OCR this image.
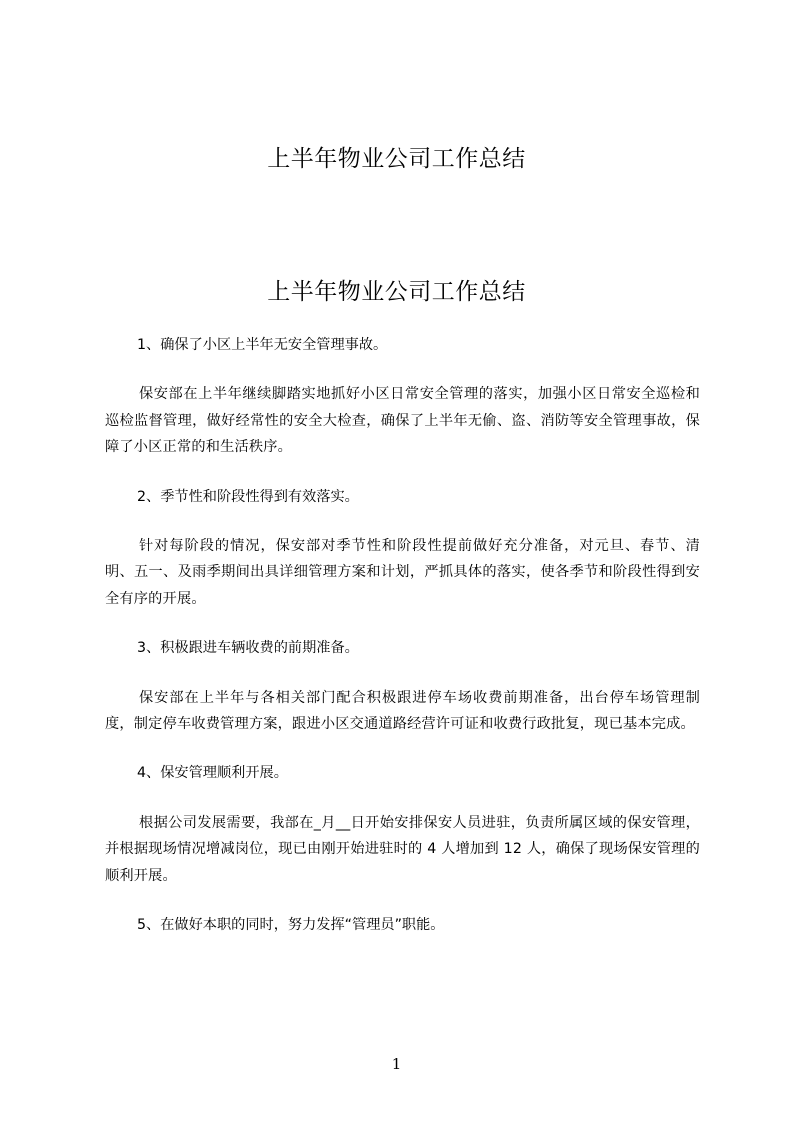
上半年物业公司工作总结
上半年物业公司工作总结

1、确保了小区上半年无安全管理事故。

保安部在上半年继续脚踏实地抓好小区日常安全管理的落实，加强小区日常安全巡检和巡检监督管理，做好经常性的安全大检查，确保了上半年无偷、盗、消防等安全管理事故，保障了小区正常的和生活秩序。

2、季节性和阶段性得到有效落实。

针对每阶段的情况，保安部对季节性和阶段性提前做好充分准备，对元旦、春节、清明、五一、及雨季期间出具详细管理方案和计划，严抓具体的落实，使各季节和阶段性得到安全有序的开展。

3、积极跟进车辆收费的前期准备。

保安部在上半年与各相关部门配合积极跟进停车场收费前期准备，出台停车场管理制度，制定停车收费管理方案，跟进小区交通道路经营许可证和收费行政批复，现已基本完成。

4、保安管理顺利开展。

根据公司发展需要，我部在_月__日开始安排保安人员进驻，负责所属区域的保安管理，并根据现场情况增减岗位，现已由刚开始进驻时的 4 人增加到 12 人，确保了现场保安管理的顺利开展。

5、在做好本职的同时，努力发挥“管理员”职能。

1
